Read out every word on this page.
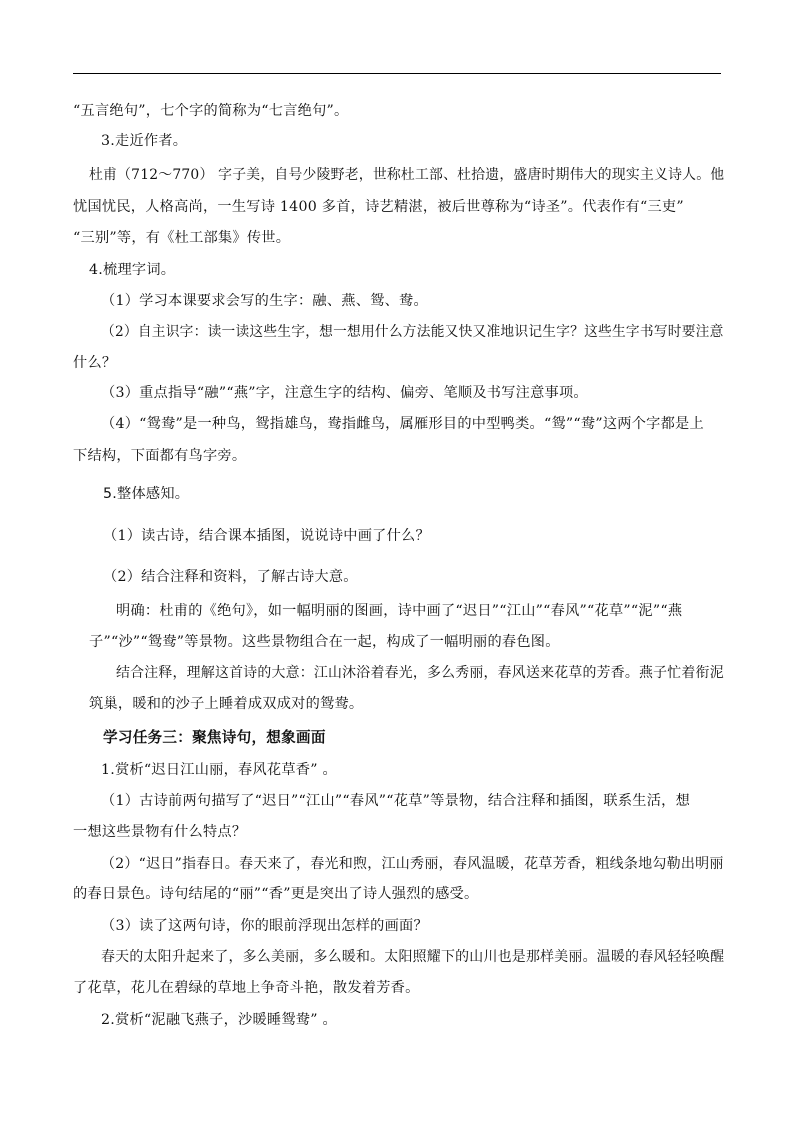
“五言绝句”，七个字的简称为“七言绝句”。

3.走近作者。

杜甫（712～770） 字子美，自号少陵野老，世称杜工部、杜拾遗，盛唐时期伟大的现实主义诗人。他

忧国忧民，人格高尚，一生写诗 1400 多首，诗艺精湛，被后世尊称为“诗圣”。代表作有“三吏”

“三别”等，有《杜工部集》传世。

4.梳理字词。

（1）学习本课要求会写的生字：融、燕、鸳、鸯。

（2）自主识字：读一读这些生字，想一想用什么方法能又快又准地识记生字？这些生字书写时要注意

什么？

（3）重点指导“融”“燕”字，注意生字的结构、偏旁、笔顺及书写注意事项。

（4）“鸳鸯”是一种鸟，鸳指雄鸟，鸯指雌鸟，属雁形目的中型鸭类。“鸳”“鸯”这两个字都是上

下结构，下面都有鸟字旁。

5.整体感知。

（1）读古诗，结合课本插图，说说诗中画了什么？

（2）结合注释和资料，了解古诗大意。

明确：杜甫的《绝句》，如一幅明丽的图画，诗中画了“迟日”“江山”“春风”“花草”“泥”“燕

子”“沙”“鸳鸯”等景物。这些景物组合在一起，构成了一幅明丽的春色图。

结合注释，理解这首诗的大意：江山沐浴着春光，多么秀丽，春风送来花草的芳香。燕子忙着衔泥

筑巢，暖和的沙子上睡着成双成对的鸳鸯。

学习任务三：聚焦诗句，想象画面

1.赏析“迟日江山丽，春风花草香” 。

（1）古诗前两句描写了“迟日”“江山”“春风”“花草”等景物，结合注释和插图，联系生活，想

一想这些景物有什么特点？

（2）“迟日”指春日。春天来了，春光和煦，江山秀丽，春风温暖，花草芳香，粗线条地勾勒出明丽

的春日景色。诗句结尾的“丽”“香”更是突出了诗人强烈的感受。

（3）读了这两句诗，你的眼前浮现出怎样的画面？

春天的太阳升起来了，多么美丽，多么暖和。太阳照耀下的山川也是那样美丽。温暖的春风轻轻唤醒

了花草，花儿在碧绿的草地上争奇斗艳，散发着芳香。

2.赏析“泥融飞燕子，沙暖睡鸳鸯” 。
